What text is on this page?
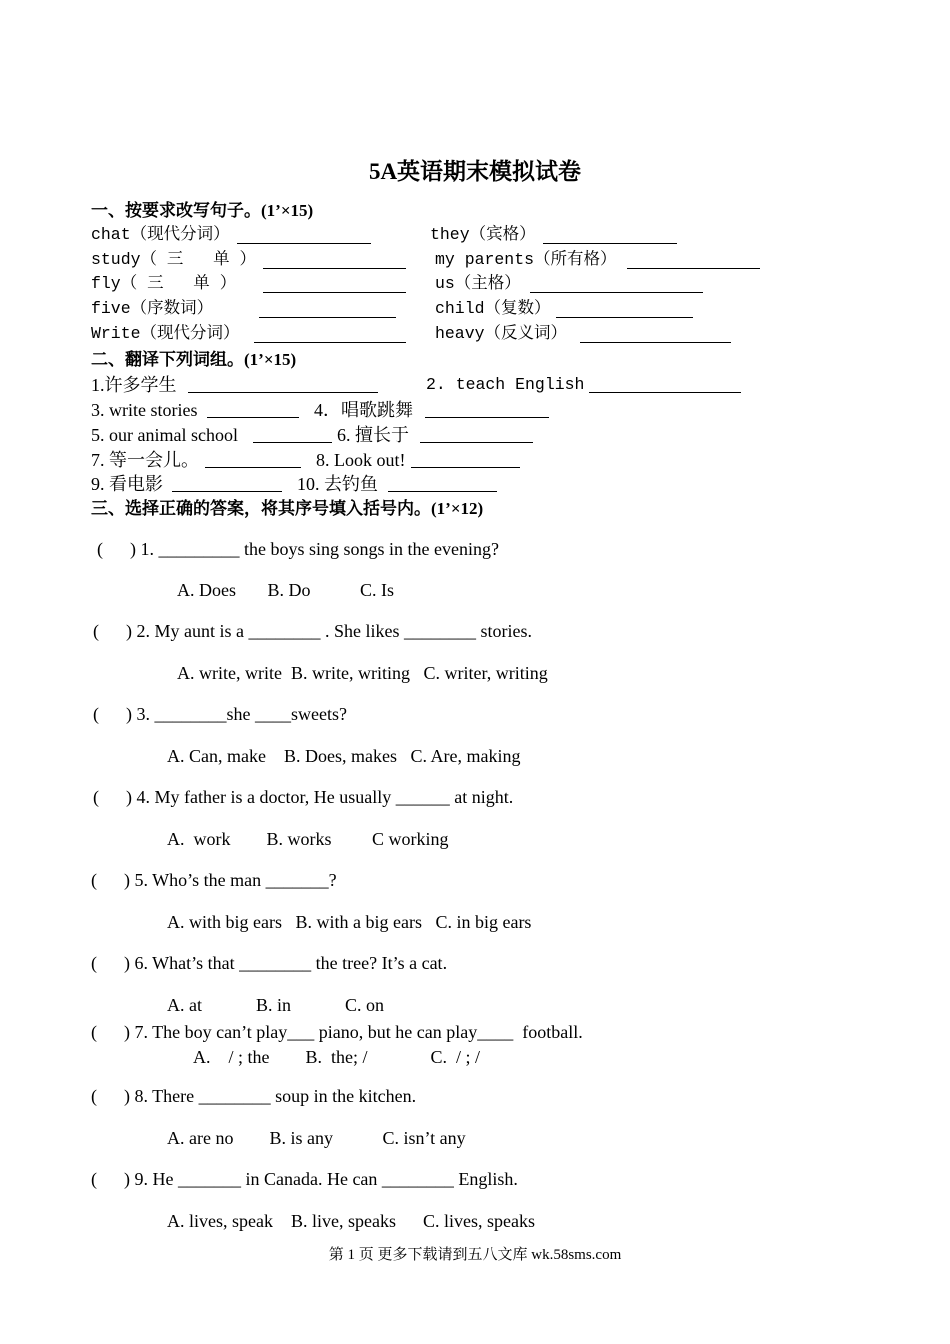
5A英语期末模拟试卷
一、按要求改写句子。(1’×15)
chat（现代分词）	they（宾格）
study（ 三   单 ）	my parents（所有格）
fly（ 三   单 ）	us（主格）
five（序数词）	child（复数）
Write（现代分词）	heavy（反义词）
二、翻译下列词组。(1’×15)
1.许多学生	2. teach English
3. write stories	4．唱歌跳舞
5. our animal school	6. 擅长于
7. 等一会儿。	8. Look out!
9. 看电影	10. 去钓鱼
三、选择正确的答案，将其序号填入括号内。(1’×12)
(      ) 1. _________ the boys sing songs in the evening?
A. Does       B. Do           C. Is
(      ) 2. My aunt is a ________ . She likes ________ stories.
A. write, write  B. write, writing   C. writer, writing
(      ) 3. ________she ____sweets?
A. Can, make    B. Does, makes   C. Are, making
(      ) 4. My father is a doctor, He usually ______ at night.
A.  work        B. works         C working
(      ) 5. Who’s the man _______?
A. with big ears   B. with a big ears   C. in big ears
(      ) 6. What’s that ________ the tree? It’s a cat.
A. at            B. in            C. on
(      ) 7. The boy can’t play___ piano, but he can play____  football.
A.    / ; the        B.  the; /              C.  / ; /
(      ) 8. There ________ soup in the kitchen.
A. are no        B. is any           C. isn’t any
(      ) 9. He _______ in Canada. He can ________ English.
A. lives, speak    B. live, speaks      C. lives, speaks
第 1 页 更多下载请到五八文库 wk.58sms.com
